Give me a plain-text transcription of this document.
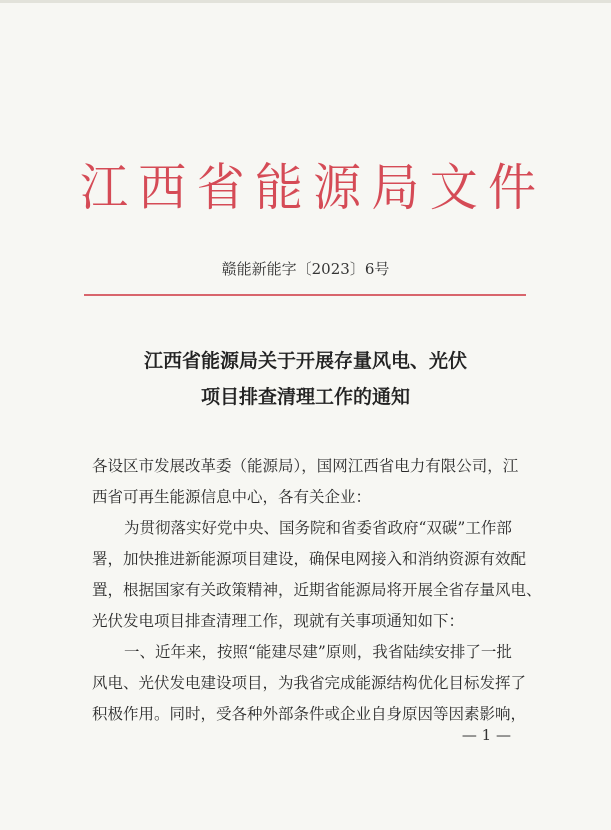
江 西 省 能 源 局 文 件
赣能新能字〔2023〕6号
江西省能源局关于开展存量风电、光伏
项目排查清理工作的通知
各设区市发展改革委（能源局），国网江西省电力有限公司，江
西省可再生能源信息中心，各有关企业：
为贯彻落实好党中央、国务院和省委省政府“双碳”工作部
署，加快推进新能源项目建设，确保电网接入和消纳资源有效配
置，根据国家有关政策精神，近期省能源局将开展全省存量风电、
光伏发电项目排查清理工作，现就有关事项通知如下：
一、近年来，按照“能建尽建”原则，我省陆续安排了一批
风电、光伏发电建设项目，为我省完成能源结构优化目标发挥了
积极作用。同时，受各种外部条件或企业自身原因等因素影响，
— 1 —
